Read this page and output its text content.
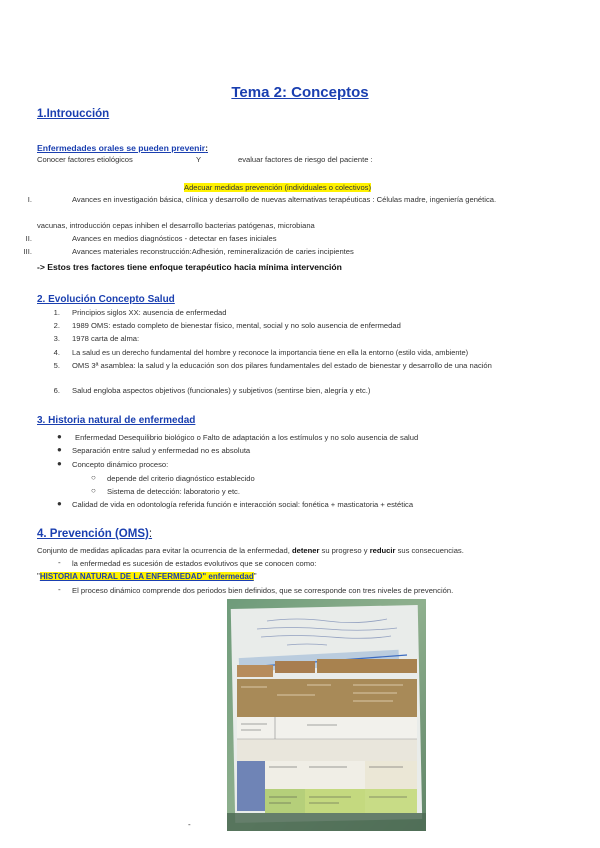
Tema 2: Conceptos
1.Introucción
Enfermedades orales se pueden prevenir:
Conocer factores etiológicos	Y	evaluar factores de riesgo del paciente :
Adecuar medidas prevención (individuales o colectivos)
I.	Avances en investigación básica, clínica y desarrollo de nuevas alternativas terapéuticas : Células madre, ingeniería genética.
vacunas, introducción cepas inhiben el desarrollo bacterias patógenas, microbiana
II.	Avances en medios diagnósticos - detectar en fases iniciales
III.	Avances materiales reconstrucción:Adhesión, remineralización de caries incipientes
-> Estos tres factores tiene enfoque terapéutico hacia mínima intervención
2. Evolución Concepto Salud
1. Principios siglos XX: ausencia de enfermedad
2. 1989 OMS: estado completo de bienestar físico, mental, social y no solo ausencia de enfermedad
3. 1978 carta de alma:
4. La salud es un derecho fundamental del hombre y reconoce la importancia tiene en ella la entorno (estilo vida, ambiente)
5. OMS 3ª asamblea: la salud y la educación son dos pilares fundamentales del estado de bienestar y desarrollo de una nación
6. Salud engloba aspectos objetivos (funcionales) y subjetivos (sentirse bien, alegría y etc.)
3. Historia natural de enfermedad
● Enfermedad Desequilibrio biológico o Falto de adaptación a los estímulos y no solo ausencia de salud
● Separación entre salud y enfermedad no es absoluta
● Concepto dinámico proceso:
○ depende del criterio diagnóstico establecido
○ Sistema de detección: laboratorio y etc.
● Calidad de vida en odontología referida función e interacción social: fonética + masticatoria + estética
4. Prevención (OMS):
Conjunto de medidas aplicadas para evitar la ocurrencia de la enfermedad, detener su progreso y reducir sus consecuencias.
- la enfermedad es sucesión de estados evolutivos que se conocen como:
"HISTORIA NATURAL DE LA ENFERMEDAD" enfermedad"
- El proceso dinámico comprende dos periodos bien definidos, que se corresponde con tres niveles de prevención.
-
